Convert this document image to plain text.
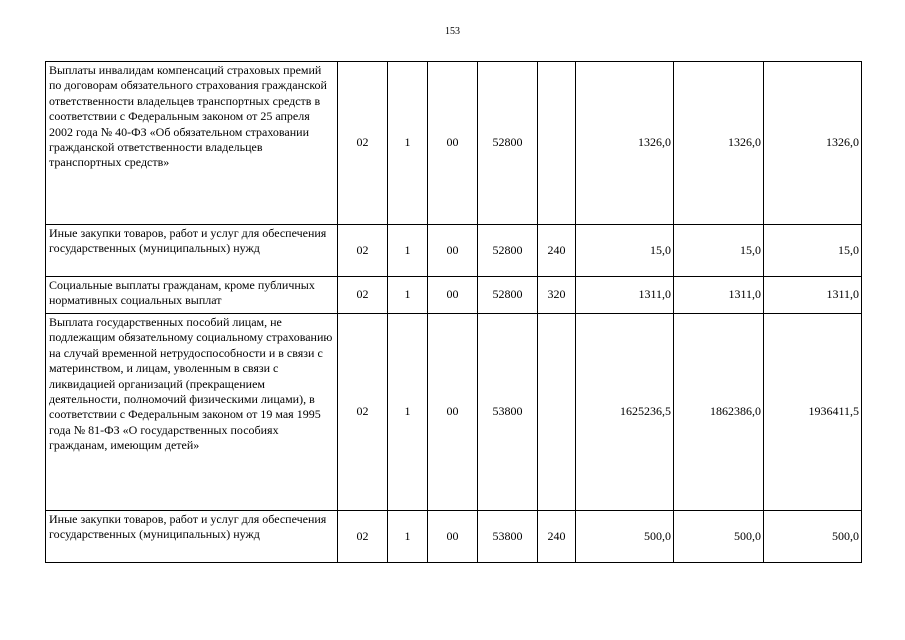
153
Выплаты инвалидам компенсаций страховых премий по договорам обязательного страхования гражданской ответственности владельцев транспортных средств в соответствии с Федеральным законом от 25 апреля 2002 года № 40-ФЗ «Об обязательном страховании гражданской ответственности владельцев транспортных средств»	02	1	00	52800		1326,0	1326,0	1326,0
Иные закупки товаров, работ и услуг для обеспечения государственных (муниципальных) нужд	02	1	00	52800	240	15,0	15,0	15,0
Социальные выплаты гражданам, кроме публичных нормативных социальных выплат	02	1	00	52800	320	1311,0	1311,0	1311,0
Выплата государственных пособий лицам, не подлежащим обязательному социальному страхованию на случай временной нетрудоспособности и в связи с материнством, и лицам, уволенным в связи с ликвидацией организаций (прекращением деятельности, полномочий физическими лицами), в соответствии с Федеральным законом от 19 мая 1995 года № 81-ФЗ «О государственных пособиях гражданам, имеющим детей»	02	1	00	53800		1625236,5	1862386,0	1936411,5
Иные закупки товаров, работ и услуг для обеспечения государственных (муниципальных) нужд	02	1	00	53800	240	500,0	500,0	500,0
